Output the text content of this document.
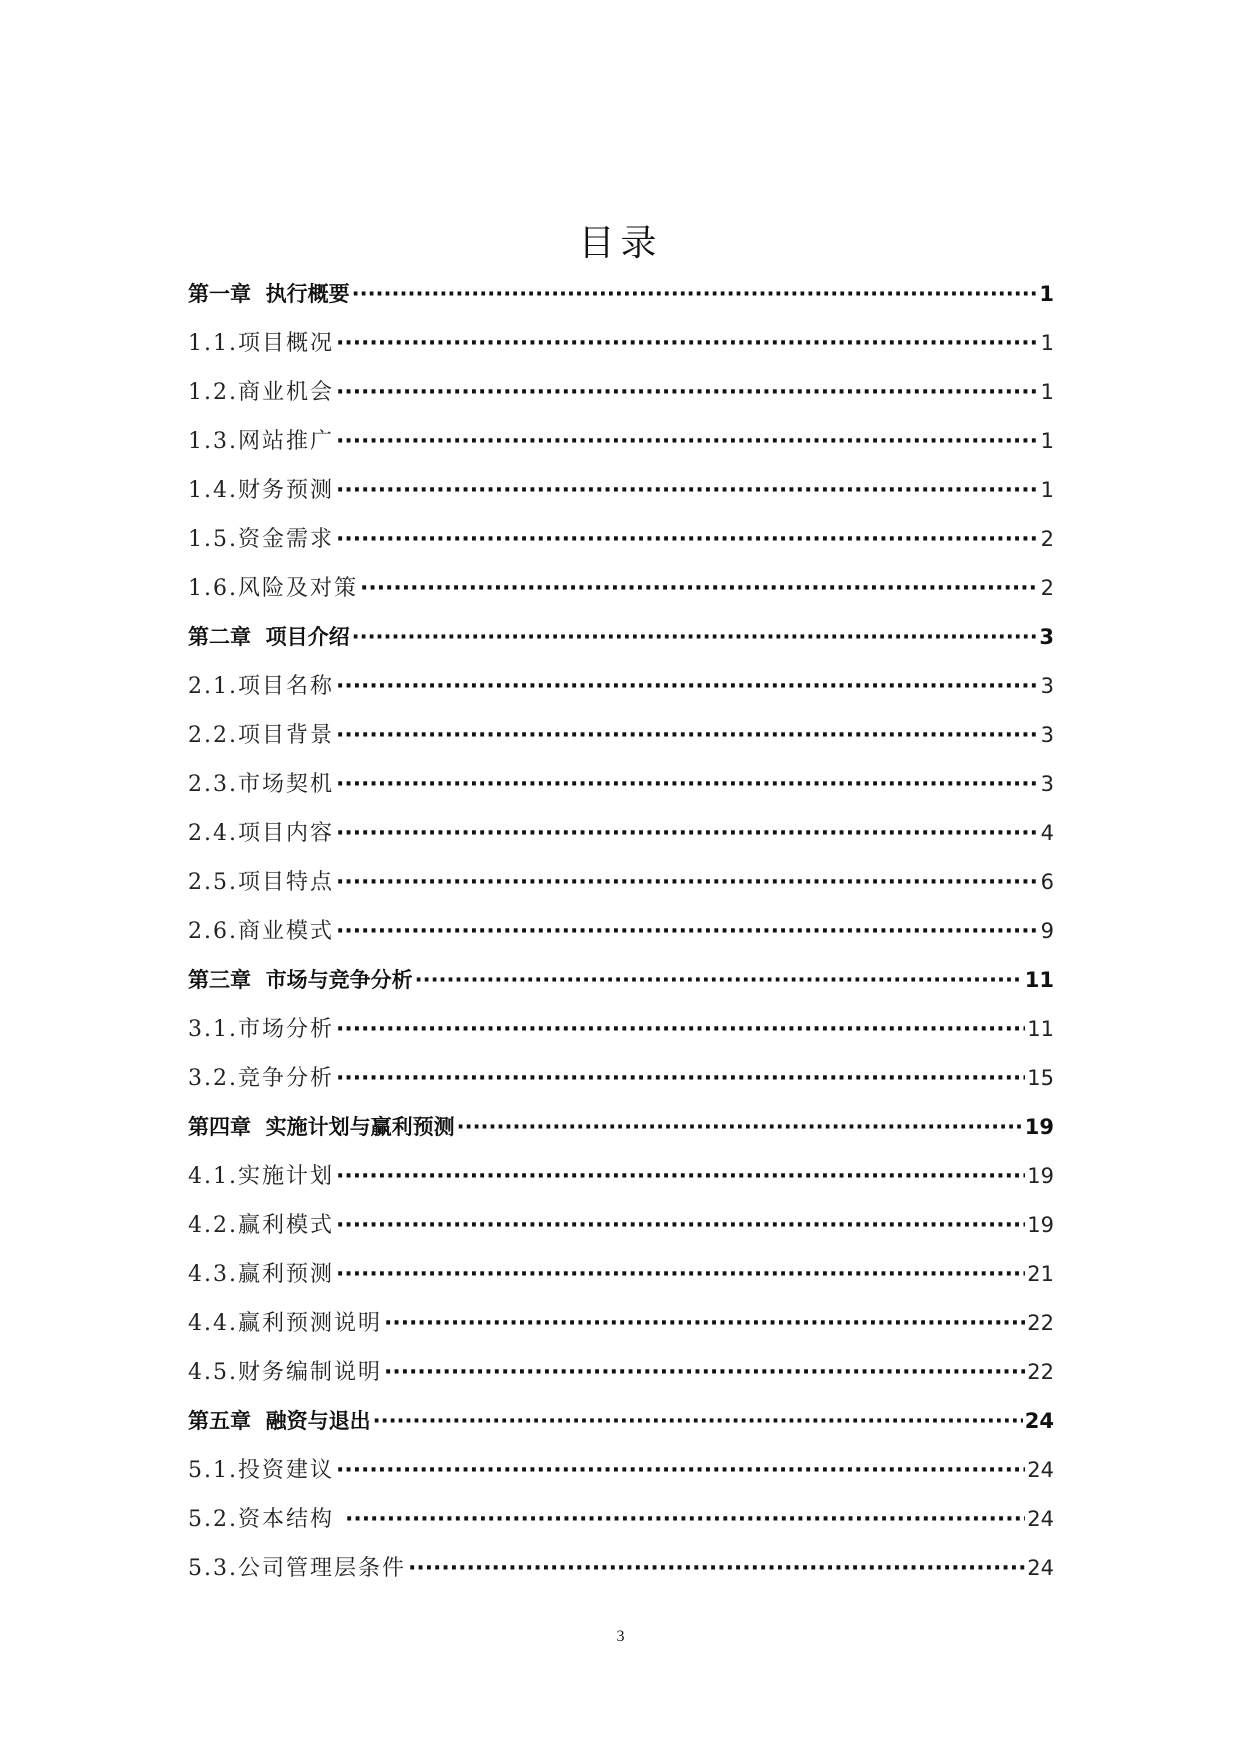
目录
第一章  执行概要 ·····	1
1.1.项目概况 ·····	1
1.2.商业机会 ·····	1
1.3.网站推广 ·····	1
1.4.财务预测 ·····	1
1.5.资金需求 ·····	2
1.6.风险及对策 ·····	2
第二章  项目介绍 ·····	3
2.1.项目名称 ·····	3
2.2.项目背景 ·····	3
2.3.市场契机 ·····	3
2.4.项目内容 ·····	4
2.5.项目特点 ·····	6
2.6.商业模式 ·····	9
第三章  市场与竞争分析 ·····	11
3.1.市场分析 ·····	11
3.2.竞争分析 ·····	15
第四章  实施计划与赢利预测 ·····	19
4.1.实施计划 ·····	19
4.2.赢利模式 ·····	19
4.3.赢利预测 ·····	21
4.4.赢利预测说明 ·····	22
4.5.财务编制说明 ·····	22
第五章  融资与退出 ·····	24
5.1.投资建议 ·····	24
5.2.资本结构 ·····	24
5.3.公司管理层条件 ·····	24
3
